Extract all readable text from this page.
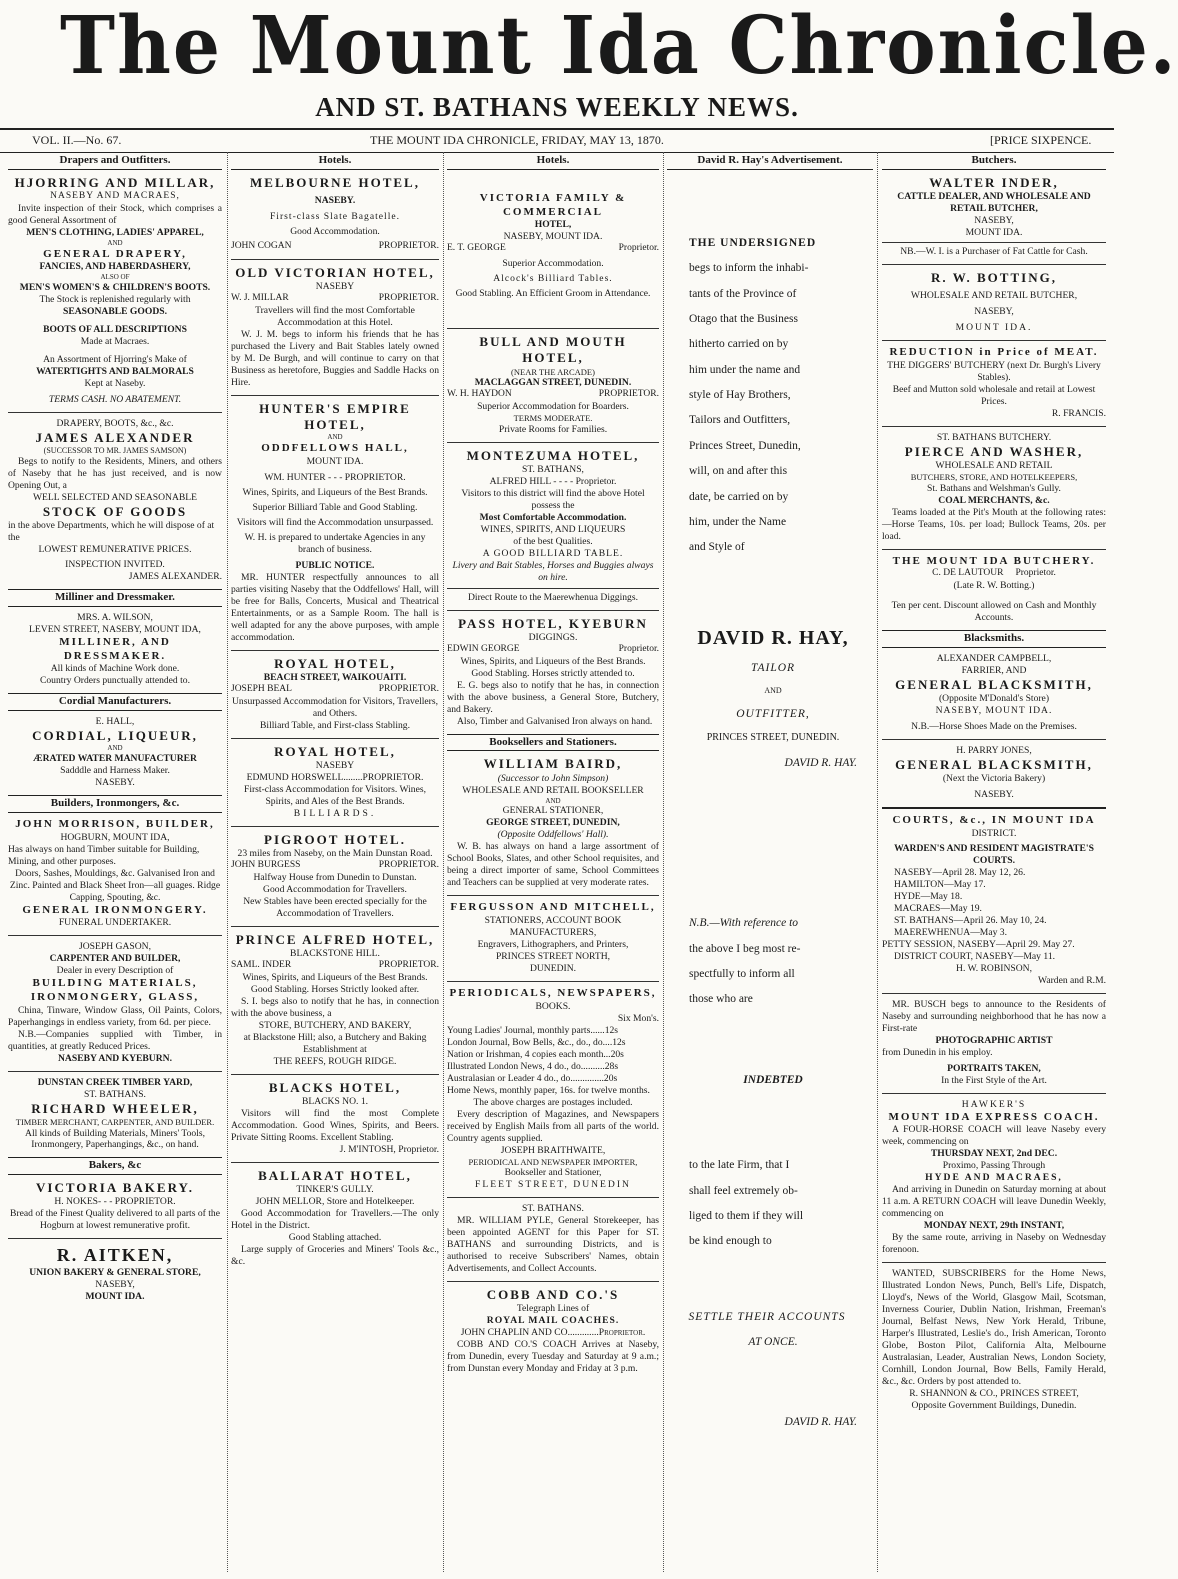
The Mount Ida Chronicle.
AND ST. BATHANS WEEKLY NEWS.
VOL. II.—No. 67.	THE MOUNT IDA CHRONICLE, FRIDAY, MAY 13, 1870.	[PRICE SIXPENCE.
Drapers and Outfitters.
HJORRING AND MILLAR,
NASEBY AND MACRAES,
Invite inspection of their Stock, which comprises a good General Assortment of
MEN'S CLOTHING, LADIES' APPAREL,
AND
GENERAL DRAPERY,
FANCIES, AND HABERDASHERY,
ALSO OF
MEN'S WOMEN'S & CHILDREN'S BOOTS.
The Stock is replenished regularly with
SEASONABLE GOODS.
BOOTS OF ALL DESCRIPTIONS
Made at Macraes.
An Assortment of Hjorring's Make of
WATERTIGHTS AND BALMORALS
Kept at Naseby.
TERMS CASH. NO ABATEMENT.
DRAPERY, BOOTS, &c., &c.
JAMES ALEXANDER
(SUCCESSOR TO MR. JAMES SAMSON)
Begs to notify to the Residents, Miners, and others of Naseby that he has just received, and is now Opening Out, a
WELL SELECTED AND SEASONABLE
STOCK OF GOODS
in the above Departments, which he will dispose of at the
LOWEST REMUNERATIVE PRICES.
INSPECTION INVITED.
JAMES ALEXANDER.
Milliner and Dressmaker.
MRS. A. WILSON,
LEVEN STREET, NASEBY, MOUNT IDA,
MILLINER, AND DRESSMAKER.
All kinds of Machine Work done.
Country Orders punctually attended to.
Cordial Manufacturers.
E. HALL,
CORDIAL, LIQUEUR,
AND
ÆRATED WATER MANUFACTURER
Sadddle and Harness Maker.
NASEBY.
Builders, Ironmongers, &c.
JOHN MORRISON, BUILDER,
HOGBURN, MOUNT IDA,
Has always on hand Timber suitable for Building, Mining, and other purposes.
Doors, Sashes, Mouldings, &c. Galvanised Iron and Zinc. Painted and Black Sheet Iron—all guages. Ridge Capping, Spouting, &c.
GENERAL IRONMONGERY.
FUNERAL UNDERTAKER.
JOSEPH GASON,
CARPENTER AND BUILDER,
Dealer in every Description of
BUILDING MATERIALS,
IRONMONGERY, GLASS,
China, Tinware, Window Glass, Oil Paints, Colors, Paperhangings in endless variety, from 6d. per piece.
N.B.—Companies supplied with Timber, in quantities, at greatly Reduced Prices.
NASEBY AND KYEBURN.
DUNSTAN CREEK TIMBER YARD,
ST. BATHANS.
RICHARD WHEELER,
TIMBER MERCHANT, CARPENTER, AND BUILDER.
All kinds of Building Materials, Miners' Tools, Ironmongery, Paperhangings, &c., on hand.
Bakers, &c
VICTORIA BAKERY.
H. NOKES- - - PROPRIETOR.
Bread of the Finest Quality delivered to all parts of the Hogburn at lowest remunerative profit.
R. AITKEN,
UNION BAKERY & GENERAL STORE,
NASEBY,
MOUNT IDA.
Hotels.
MELBOURNE HOTEL,
NASEBY.
First-class Slate Bagatelle.
Good Accommodation.
JOHN COGAN	PROPRIETOR.
OLD VICTORIAN HOTEL,
NASEBY
W. J. MILLAR	PROPRIETOR.
Travellers will find the most Comfortable Accommodation at this Hotel.
W. J. M. begs to inform his friends that he has purchased the Livery and Bait Stables lately owned by M. De Burgh, and will continue to carry on that Business as heretofore, Buggies and Saddle Hacks on Hire.
HUNTER'S EMPIRE HOTEL,
AND
ODDFELLOWS HALL,
MOUNT IDA.
WM. HUNTER - - - PROPRIETOR.
Wines, Spirits, and Liqueurs of the Best Brands.
Superior Billiard Table and Good Stabling.
Visitors will find the Accommodation unsurpassed.
W. H. is prepared to undertake Agencies in any branch of business.
PUBLIC NOTICE.
MR. HUNTER respectfully announces to all parties visiting Naseby that the Oddfellows' Hall, will be free for Balls, Concerts, Musical and Theatrical Entertainments, or as a Sample Room. The hall is well adapted for any the above purposes, with ample accommodation.
ROYAL HOTEL,
BEACH STREET, WAIKOUAITI.
JOSEPH BEAL	PROPRIETOR.
Unsurpassed Accommodation for Visitors, Travellers, and Others.
Billiard Table, and First-class Stabling.
ROYAL HOTEL,
NASEBY
EDMUND HORSWELL........PROPRIETOR.
First-class Accommodation for Visitors. Wines, Spirits, and Ales of the Best Brands.
BILLIARDS.
PIGROOT HOTEL.
23 miles from Naseby, on the Main Dunstan Road.
JOHN BURGESS	PROPRIETOR.
Halfway House from Dunedin to Dunstan.
Good Accommodation for Travellers.
New Stables have been erected specially for the Accommodation of Travellers.
PRINCE ALFRED HOTEL,
BLACKSTONE HILL.
SAML. INDER	PROPRIETOR.
Wines, Spirits, and Liqueurs of the Best Brands.
Good Stabling. Horses Strictly looked after.
S. I. begs also to notify that he has, in connection with the above business, a
STORE, BUTCHERY, AND BAKERY,
at Blackstone Hill; also, a Butchery and Baking Establishment at
THE REEFS, ROUGH RIDGE.
BLACKS HOTEL,
BLACKS NO. 1.
Visitors will find the most Complete Accommodation. Good Wines, Spirits, and Beers. Private Sitting Rooms. Excellent Stabling.
J. M'INTOSH, Proprietor.
BALLARAT HOTEL,
TINKER'S GULLY.
JOHN MELLOR, Store and Hotelkeeper.
Good Accommodation for Travellers.—The only Hotel in the District.
Good Stabling attached.
Large supply of Groceries and Miners' Tools &c., &c.
Hotels.
VICTORIA FAMILY & COMMERCIAL
HOTEL,
NASEBY, MOUNT IDA.
E. T. GEORGE	Proprietor.
Superior Accommodation.
Alcock's Billiard Tables.
Good Stabling. An Efficient Groom in Attendance.
BULL AND MOUTH HOTEL,
(NEAR THE ARCADE)
MACLAGGAN STREET, DUNEDIN.
W. H. HAYDON	PROPRIETOR.
Superior Accommodation for Boarders.
TERMS MODERATE.
Private Rooms for Families.
MONTEZUMA HOTEL,
ST. BATHANS,
ALFRED HILL - - - - Proprietor.
Visitors to this district will find the above Hotel possess the
Most Comfortable Accommodation.
WINES, SPIRITS, AND LIQUEURS
of the best Qualities.
A GOOD BILLIARD TABLE.
Livery and Bait Stables, Horses and Buggies always on hire.
Direct Route to the Maerewhenua Diggings.
PASS HOTEL, KYEBURN
DIGGINGS.
EDWIN GEORGE	Proprietor.
Wines, Spirits, and Liqueurs of the Best Brands.
Good Stabling. Horses strictly attended to.
E. G. begs also to notify that he has, in connection with the above business, a General Store, Butchery, and Bakery.
Also, Timber and Galvanised Iron always on hand.
Booksellers and Stationers.
WILLIAM BAIRD,
(Successor to John Simpson)
WHOLESALE AND RETAIL BOOKSELLER
AND
GENERAL STATIONER,
GEORGE STREET, DUNEDIN,
(Opposite Oddfellows' Hall).
W. B. has always on hand a large assortment of School Books, Slates, and other School requisites, and being a direct importer of same, School Committees and Teachers can be supplied at very moderate rates.
FERGUSSON AND MITCHELL,
STATIONERS, ACCOUNT BOOK MANUFACTURERS,
Engravers, Lithographers, and Printers,
PRINCES STREET NORTH,
DUNEDIN.
PERIODICALS, NEWSPAPERS,
BOOKS.
Six Mon's.
Young Ladies' Journal, monthly parts......12s
London Journal, Bow Bells, &c., do., do....12s
Nation or Irishman, 4 copies each month...20s
Illustrated London News, 4 do., do..........28s
Australasian or Leader 4 do., do..............20s
Home News, monthly paper, 16s. for twelve months.
The above charges are postages included.
Every description of Magazines, and Newspapers received by English Mails from all parts of the world. Country agents supplied.
JOSEPH BRAITHWAITE,
PERIODICAL AND NEWSPAPER IMPORTER,
Bookseller and Stationer,
FLEET STREET, DUNEDIN
ST. BATHANS.
MR. WILLIAM PYLE, General Storekeeper, has been appointed AGENT for this Paper for ST. BATHANS and surrounding Districts, and is authorised to receive Subscribers' Names, obtain Advertisements, and Collect Accounts.
COBB AND CO.'S
Telegraph Lines of
ROYAL MAIL COACHES.
JOHN CHAPLIN AND CO.............Proprietor.
COBB AND CO.'S COACH Arrives at Naseby, from Dunedin, every Tuesday and Saturday at 9 a.m.; from Dunstan every Monday and Friday at 3 p.m.
David R. Hay's Advertisement.

THE UNDERSIGNED

begs to inform the inhabi-

tants of the Province of

Otago that the Business

hitherto carried on by

him under the name and

style of Hay Brothers,

Tailors and Outfitters,

Princes Street, Dunedin,

will, on and after this

date, be carried on by

him, under the Name

and Style of

DAVID R. HAY,

TAILOR

AND

OUTFITTER,

PRINCES STREET, DUNEDIN.

DAVID R. HAY.

N.B.—With reference to

the above I beg most re-

spectfully to inform all

those who are

INDEBTED

to the late Firm, that I

shall feel extremely ob-

liged to them if they will

be kind enough to

SETTLE THEIR ACCOUNTS

AT ONCE.

DAVID R. HAY.

Butchers.
WALTER INDER,
CATTLE DEALER, AND WHOLESALE AND RETAIL BUTCHER,
NASEBY,
MOUNT IDA.
NB.—W. I. is a Purchaser of Fat Cattle for Cash.
R. W. BOTTING,
WHOLESALE AND RETAIL BUTCHER,
NASEBY,
MOUNT IDA.
REDUCTION in Price of MEAT.
THE DIGGERS' BUTCHERY (next Dr. Burgh's Livery Stables).
Beef and Mutton sold wholesale and retail at Lowest Prices.
R. FRANCIS.
ST. BATHANS BUTCHERY.
PIERCE AND WASHER,
WHOLESALE AND RETAIL
BUTCHERS, STORE, AND HOTELKEEPERS,
St. Bathans and Welshman's Gully.
COAL MERCHANTS, &c.
Teams loaded at the Pit's Mouth at the following rates:—Horse Teams, 10s. per load; Bullock Teams, 20s. per load.
THE MOUNT IDA BUTCHERY.
C. DE LAUTOUR Proprietor.
(Late R. W. Botting.)
Ten per cent. Discount allowed on Cash and Monthly Accounts.
Blacksmiths.
ALEXANDER CAMPBELL,
FARRIER, AND
GENERAL BLACKSMITH,
(Opposite M'Donald's Store)
NASEBY, MOUNT IDA.
N.B.—Horse Shoes Made on the Premises.
H. PARRY JONES,
GENERAL BLACKSMITH,
(Next the Victoria Bakery)
NASEBY.
COURTS, &c., IN MOUNT IDA
DISTRICT.
WARDEN'S AND RESIDENT MAGISTRATE'S COURTS.
NASEBY—April 28. May 12, 26.
HAMILTON—May 17.
HYDE—May 18.
MACRAES—May 19.
ST. BATHANS—April 26. May 10, 24.
MAEREWHENUA—May 3.
PETTY SESSION, NASEBY—April 29. May 27.
DISTRICT COURT, NASEBY—May 11.
H. W. ROBINSON,
Warden and R.M.
MR. BUSCH begs to announce to the Residents of Naseby and surrounding neighborhood that he has now a First-rate
PHOTOGRAPHIC ARTIST
from Dunedin in his employ.
PORTRAITS TAKEN,
In the First Style of the Art.
HAWKER'S
MOUNT IDA EXPRESS COACH.
A FOUR-HORSE COACH will leave Naseby every week, commencing on
THURSDAY NEXT, 2nd DEC.
Proximo, Passing Through
HYDE AND MACRAES,
And arriving in Dunedin on Saturday morning at about 11 a.m. A RETURN COACH will leave Dunedin Weekly, commencing on
MONDAY NEXT, 29th INSTANT,
By the same route, arriving in Naseby on Wednesday forenoon.
WANTED, SUBSCRIBERS for the Home News, Illustrated London News, Punch, Bell's Life, Dispatch, Lloyd's, News of the World, Glasgow Mail, Scotsman, Inverness Courier, Dublin Nation, Irishman, Freeman's Journal, Belfast News, New York Herald, Tribune, Harper's Illustrated, Leslie's do., Irish American, Toronto Globe, Boston Pilot, California Alta, Melbourne Australasian, Leader, Australian News, London Society, Cornhill, London Journal, Bow Bells, Family Herald, &c., &c. Orders by post attended to.
R. SHANNON & CO., PRINCES STREET,
Opposite Government Buildings, Dunedin.
